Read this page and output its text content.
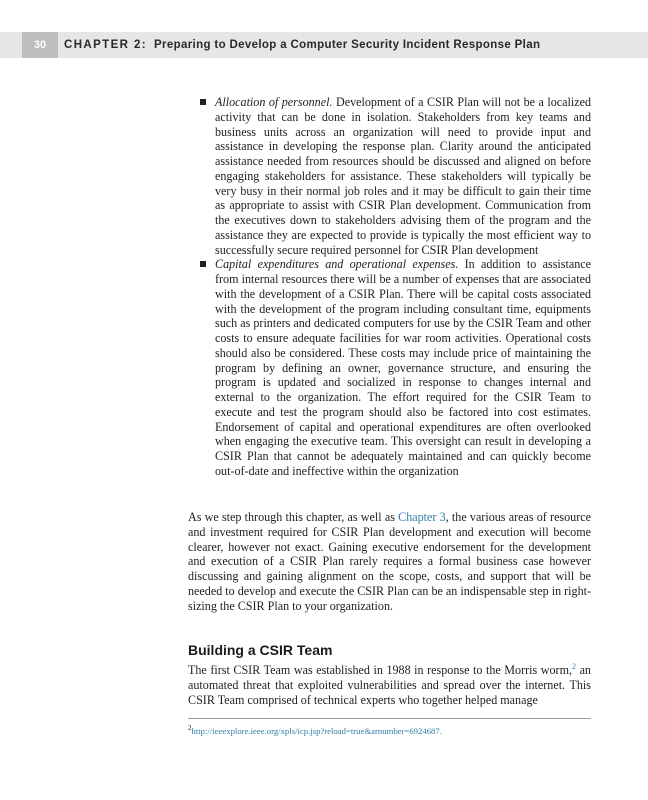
30	CHAPTER 2: Preparing to Develop a Computer Security Incident Response Plan
Allocation of personnel. Development of a CSIR Plan will not be a localized activity that can be done in isolation. Stakeholders from key teams and business units across an organization will need to provide input and assistance in developing the response plan. Clarity around the anticipated assistance needed from resources should be discussed and aligned on before engaging stakeholders for assistance. These stakeholders will typically be very busy in their normal job roles and it may be difficult to gain their time as appropriate to assist with CSIR Plan development. Communication from the executives down to stakeholders advising them of the program and the assistance they are expected to provide is typically the most efficient way to successfully secure required personnel for CSIR Plan development
Capital expenditures and operational expenses. In addition to assistance from internal resources there will be a number of expenses that are associated with the development of a CSIR Plan. There will be capital costs associated with the development of the program including consultant time, equipments such as printers and dedicated computers for use by the CSIR Team and other costs to ensure adequate facilities for war room activities. Operational costs should also be considered. These costs may include price of maintaining the program by defining an owner, governance structure, and ensuring the program is updated and socialized in response to changes internal and external to the organization. The effort required for the CSIR Team to execute and test the program should also be factored into cost estimates. Endorsement of capital and operational expenditures are often overlooked when engaging the executive team. This oversight can result in developing a CSIR Plan that cannot be adequately maintained and can quickly become out-of-date and ineffective within the organization

As we step through this chapter, as well as Chapter 3, the various areas of resource and investment required for CSIR Plan development and execution will become clearer, however not exact. Gaining executive endorsement for the development and execution of a CSIR Plan rarely requires a formal business case however discussing and gaining alignment on the scope, costs, and support that will be needed to develop and execute the CSIR Plan can be an indispensable step in right-sizing the CSIR Plan to your organization.

Building a CSIR Team

The first CSIR Team was established in 1988 in response to the Morris worm,$^2$ an automated threat that exploited vulnerabilities and spread over the internet. This CSIR Team comprised of technical experts who together helped manage

$^2$http://ieeexplore.ieee.org/xpls/icp.jsp?reload=true&arnumber=6924687.
